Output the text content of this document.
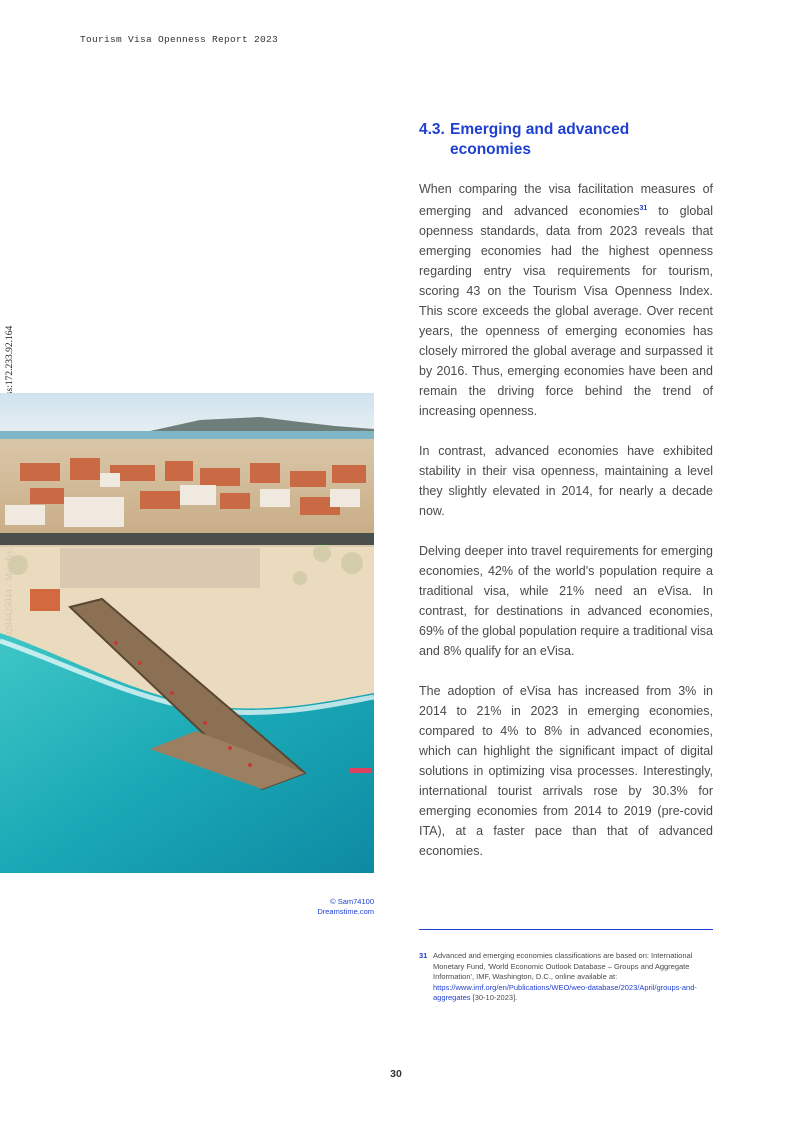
Tourism Visa Openness Report 2023
© Sam74100
Dreamstime.com
4.3. Emerging and advanced
economies

When comparing the visa facilitation measures of emerging and advanced economies$^{31}$ to global openness standards, data from 2023 reveals that emerging economies had the highest openness regarding entry visa requirements for tourism, scoring 43 on the Tourism Visa Openness Index. This score exceeds the global average. Over recent years, the openness of emerging economies has closely mirrored the global average and surpassed it by 2016. Thus, emerging economies have been and remain the driving force behind the trend of increasing openness.

In contrast, advanced economies have exhibited stability in their visa openness, maintaining a level they slightly elevated in 2014, for nearly a decade now.

Delving deeper into travel requirements for emerging economies, 42% of the world's population require a traditional visa, while 21% need an eVisa. In contrast, for destinations in advanced economies, 69% of the global population require a traditional visa and 8% qualify for an eVisa.

The adoption of eVisa has increased from 3% in 2014 to 21% in 2023 in emerging economies, compared to 4% to 8% in advanced economies, which can highlight the significant impact of digital solutions in optimizing visa processes. Interestingly, international tourist arrivals rose by 30.3% for emerging economies from 2014 to 2019 (pre-covid ITA), at a faster pace than that of advanced economies.

31 Advanced and emerging economies classifications are based on: International Monetary Fund, 'World Economic Outlook Database – Groups and Aggregate Information', IMF, Washington, D.C., online available at: https://www.imf.org/en/Publications/WEO/weo-database/2023/April/groups-and-aggregates [30-10-2023].
30
